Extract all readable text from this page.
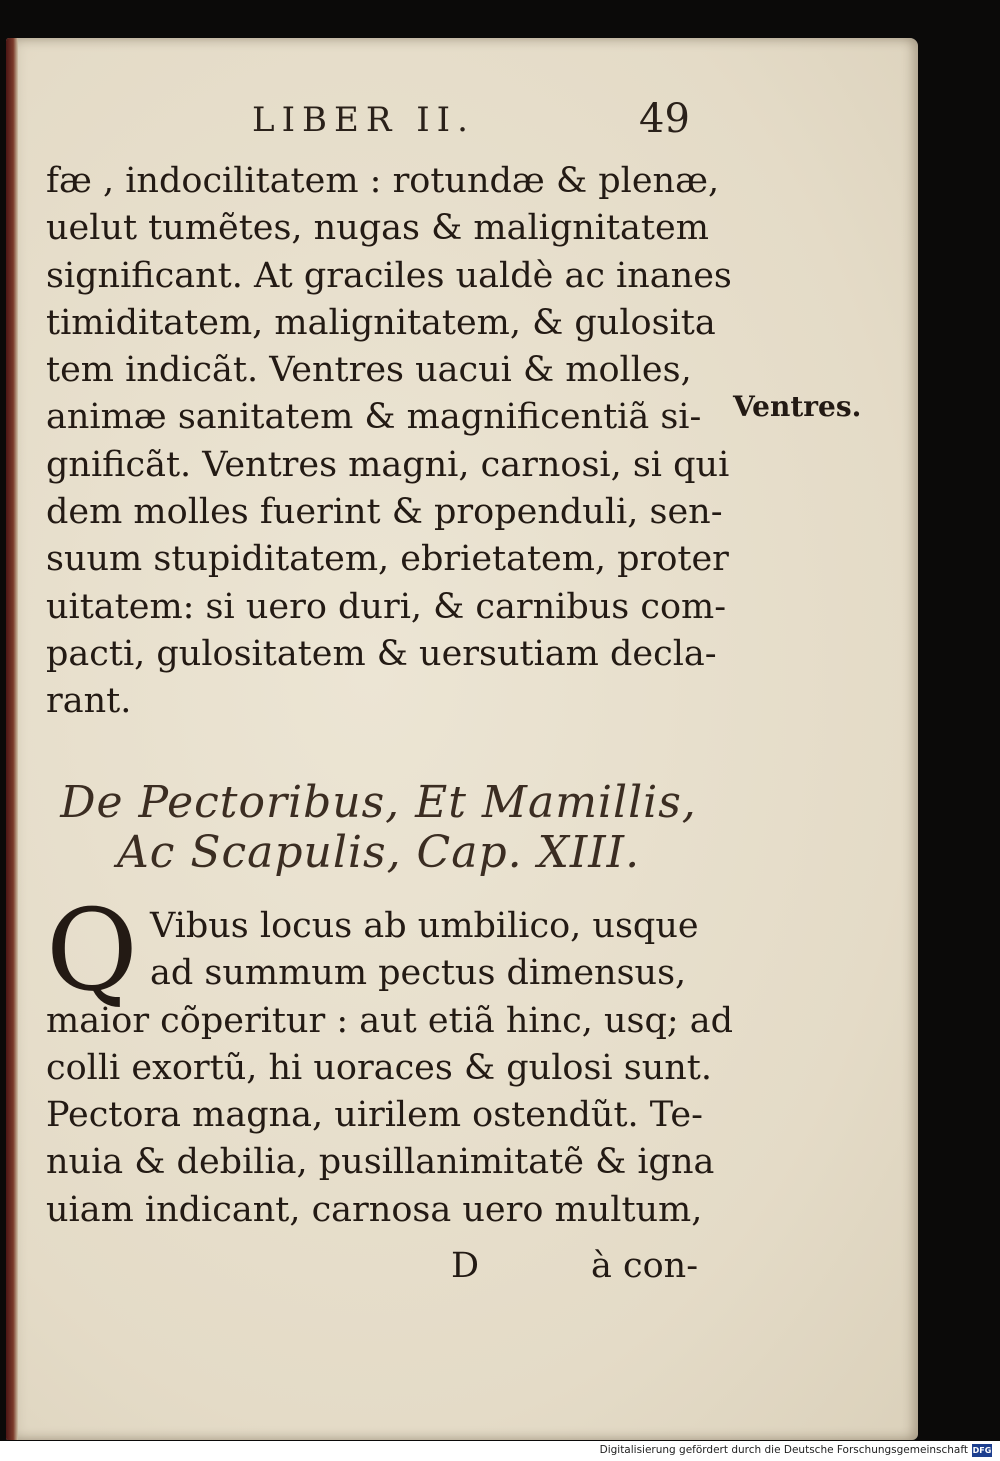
LIBER II.	49
fæ , indocilitatem : rotundæ & plenæ,
uelut tumẽtes, nugas & malignitatem
significant. At graciles ualdè ac inanes
timiditatem, malignitatem, & gulosita
tem indicãt. Ventres uacui & molles,
animæ sanitatem & magnificentiã si-
gnificãt. Ventres magni, carnosi, si qui
dem molles fuerint & propenduli, sen-
suum stupiditatem, ebrietatem, proter
uitatem: si uero duri, & carnibus com-
pacti, gulositatem & uersutiam decla-
rant.
Ventres.
De Pectoribus, Et Mamillis,
Ac Scapulis, Cap. XIII.
Q Vibus locus ab umbilico, usque
ad summum pectus dimensus,
maior cõperitur : aut etiã hinc, usq; ad
colli exortũ, hi uoraces & gulosi sunt.
Pectora magna, uirilem ostendũt. Te-
nuia & debilia, pusillanimitatẽ & igna
uiam indicant, carnosa uero multum,
D	à con-
Digitalisierung gefördert durch die Deutsche Forschungsgemeinschaft DFG
